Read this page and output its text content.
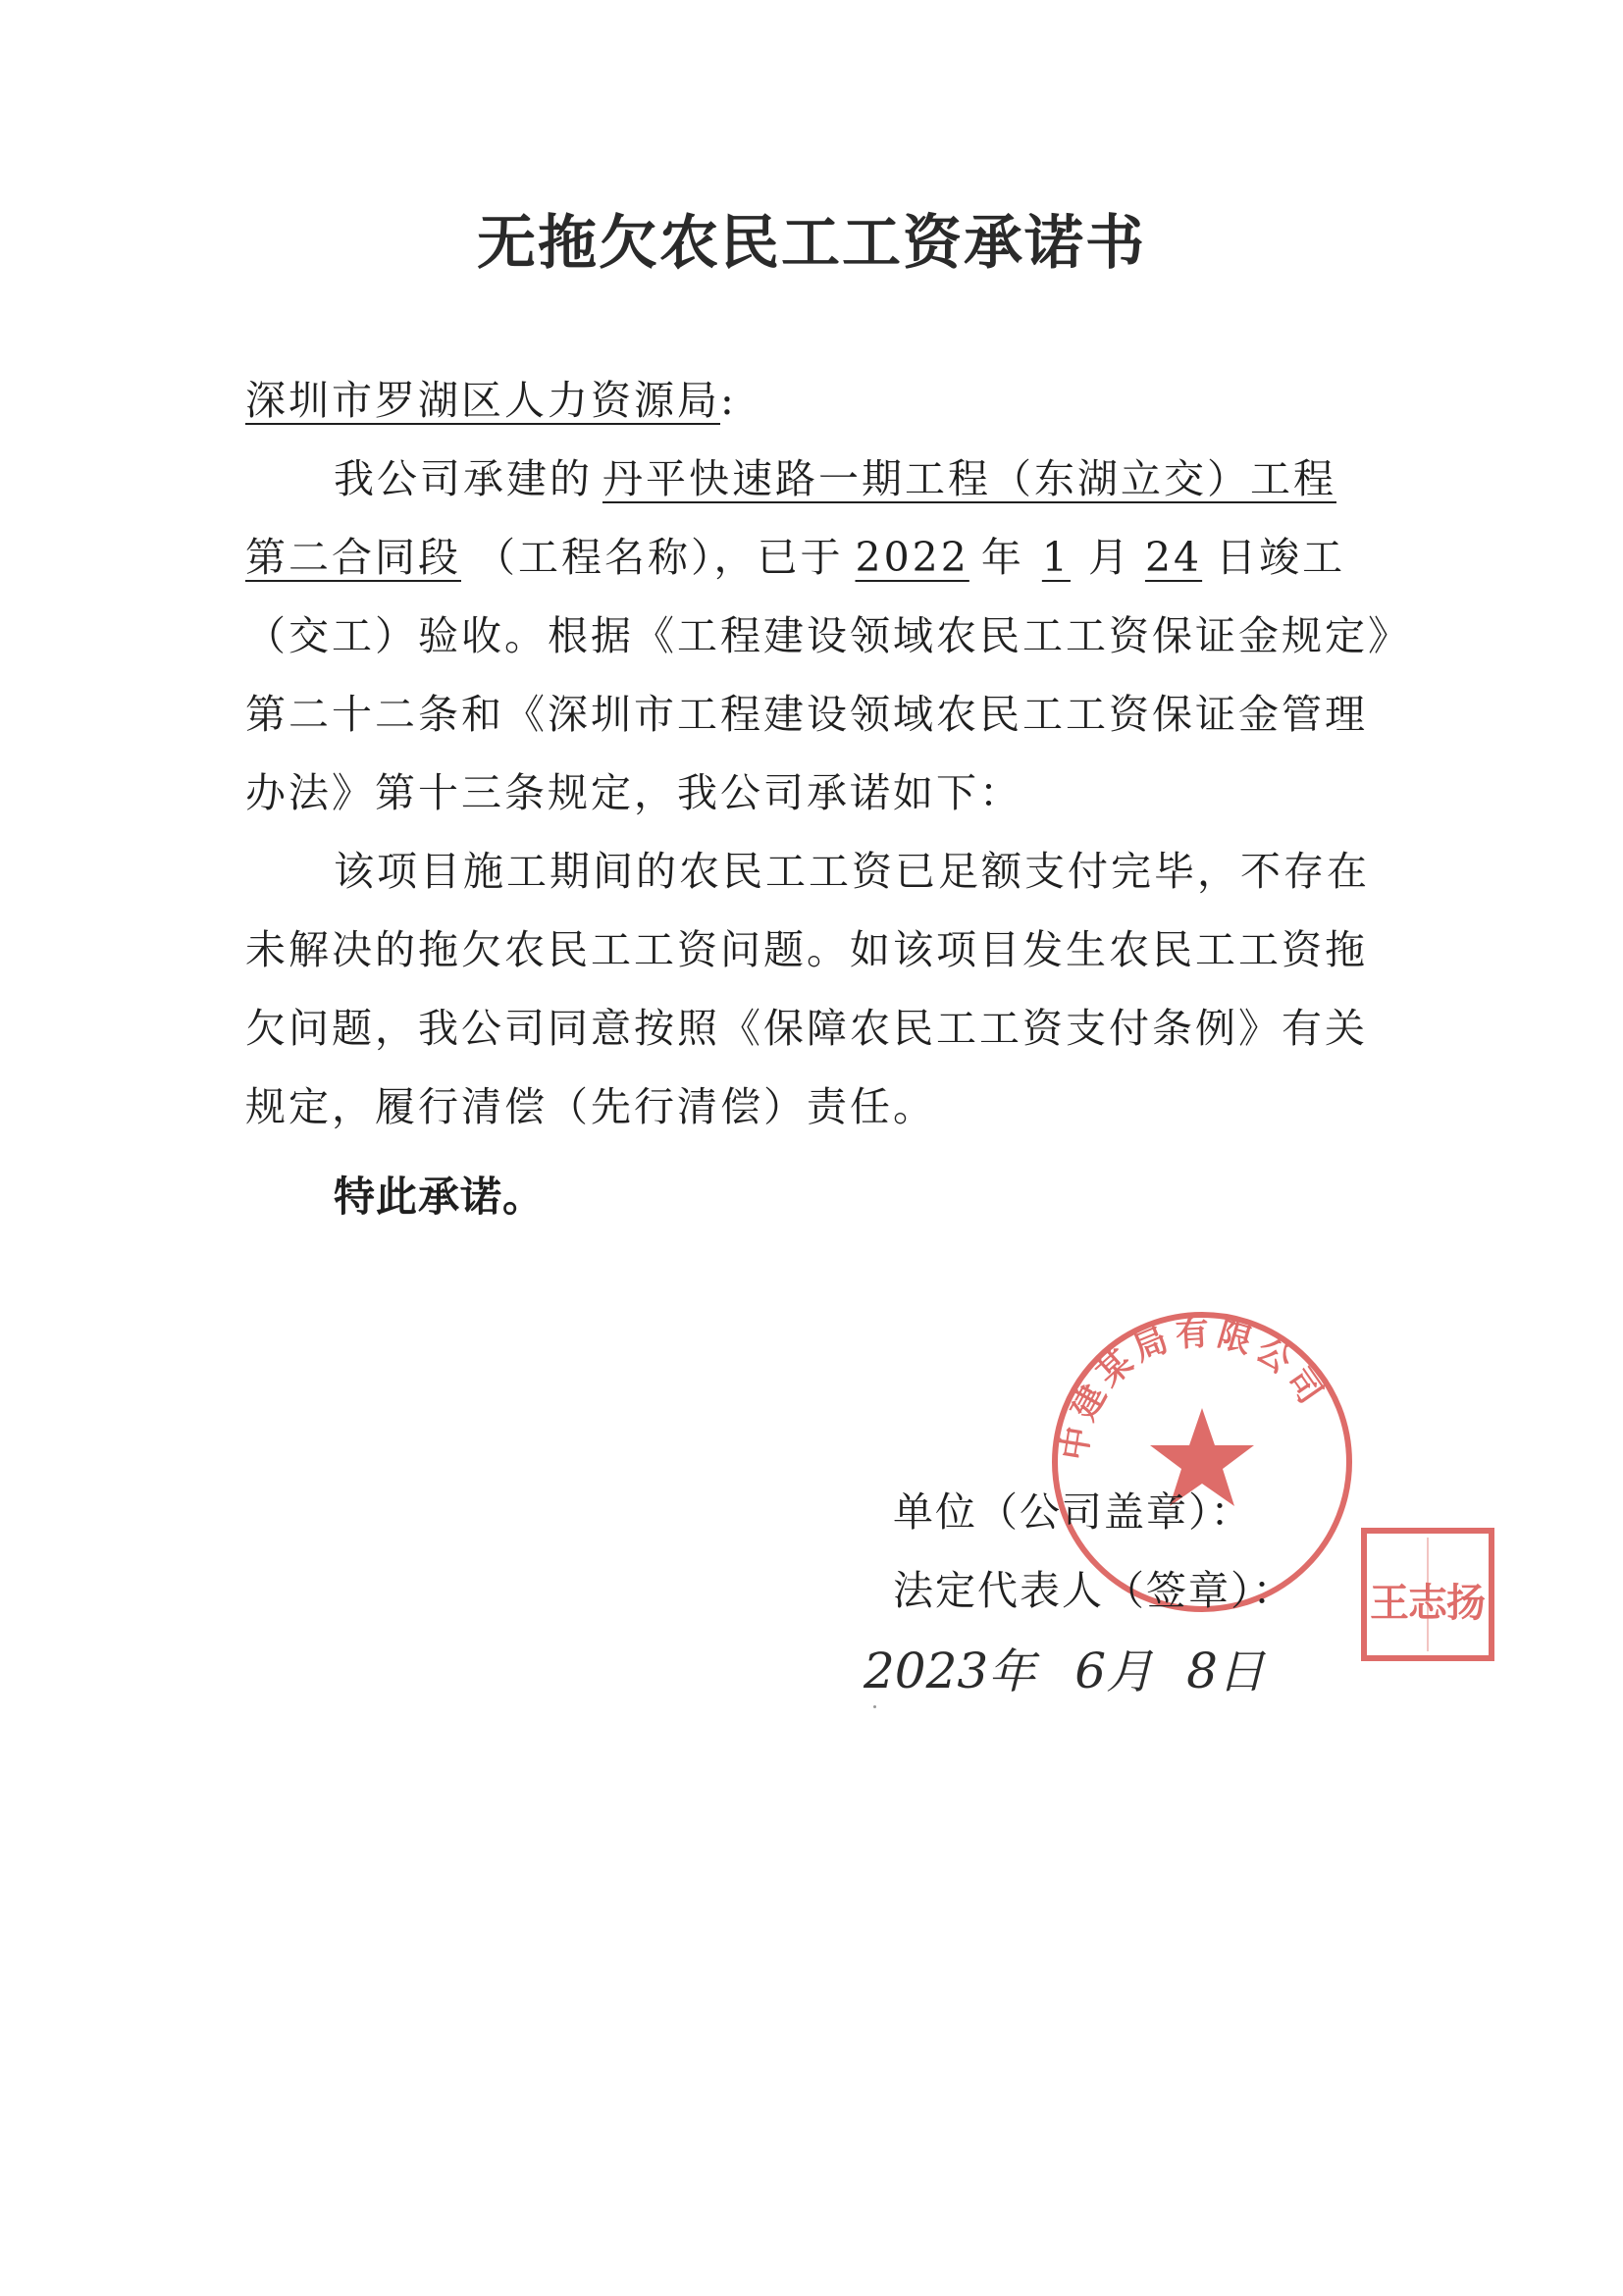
无拖欠农民工工资承诺书
深圳市罗湖区人力资源局:
我公司承建的 丹平快速路一期工程（东湖立交）工程
第二合同段 （工程名称），已于 2022 年 1 月 24 日竣工
（交工）验收。根据《工程建设领域农民工工资保证金规定》
第二十二条和《深圳市工程建设领域农民工工资保证金管理
办法》第十三条规定，我公司承诺如下：
该项目施工期间的农民工工资已足额支付完毕，不存在
未解决的拖欠农民工工资问题。如该项目发生农民工工资拖
欠问题，我公司同意按照《保障农民工工资支付条例》有关
规定，履行清偿（先行清偿）责任。
特此承诺。
中建某局有限公司
单位（公司盖章）：
法定代表人（签章）：
2023年 6月 8日
王志扬
